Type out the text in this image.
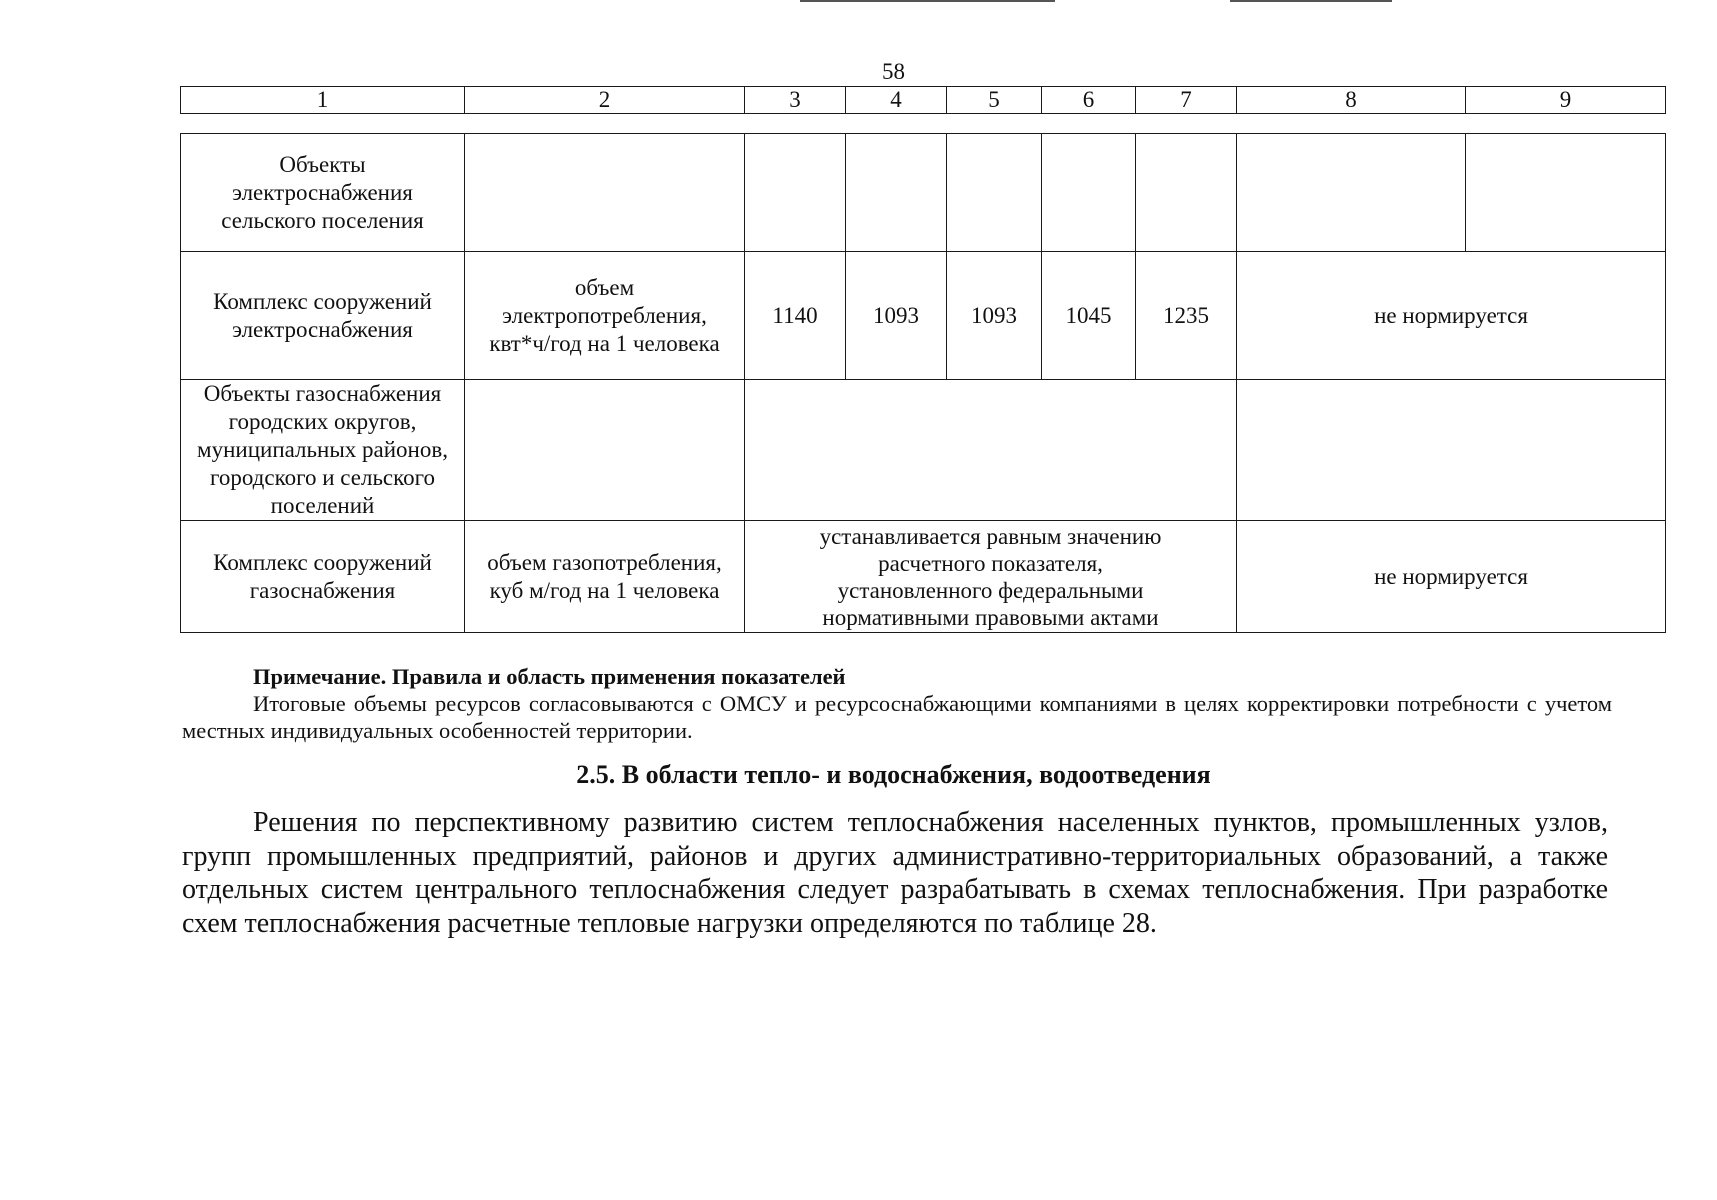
58
1	2	3	4	5	6	7	8	9
Объекты электроснабжения сельского поселения								
Комплекс сооружений электроснабжения	объем электропотребления, квт*ч/год на 1 человека	1140	1093	1093	1045	1235	не нормируется	
Объекты газоснабжения городских округов, муниципальных районов, городского и сельского поселений								
Комплекс сооружений газоснабжения	объем газопотребления, куб м/год на 1 человека	устанавливается равным значению расчетного показателя, установленного федеральными нормативными правовыми актами					не нормируется	
Примечание. Правила и область применения показателей
Итоговые объемы ресурсов согласовываются с ОМСУ и ресурсоснабжающими компаниями в целях корректировки потребности с учетом местных индивидуальных особенностей территории.
2.5. В области тепло- и водоснабжения, водоотведения
Решения по перспективному развитию систем теплоснабжения населенных пунктов, промышленных узлов, групп промышленных предприятий, районов и других административно-территориальных образований, а также отдельных систем центрального теплоснабжения следует разрабатывать в схемах теплоснабжения. При разработке схем теплоснабжения расчетные тепловые нагрузки определяются по таблице 28.
